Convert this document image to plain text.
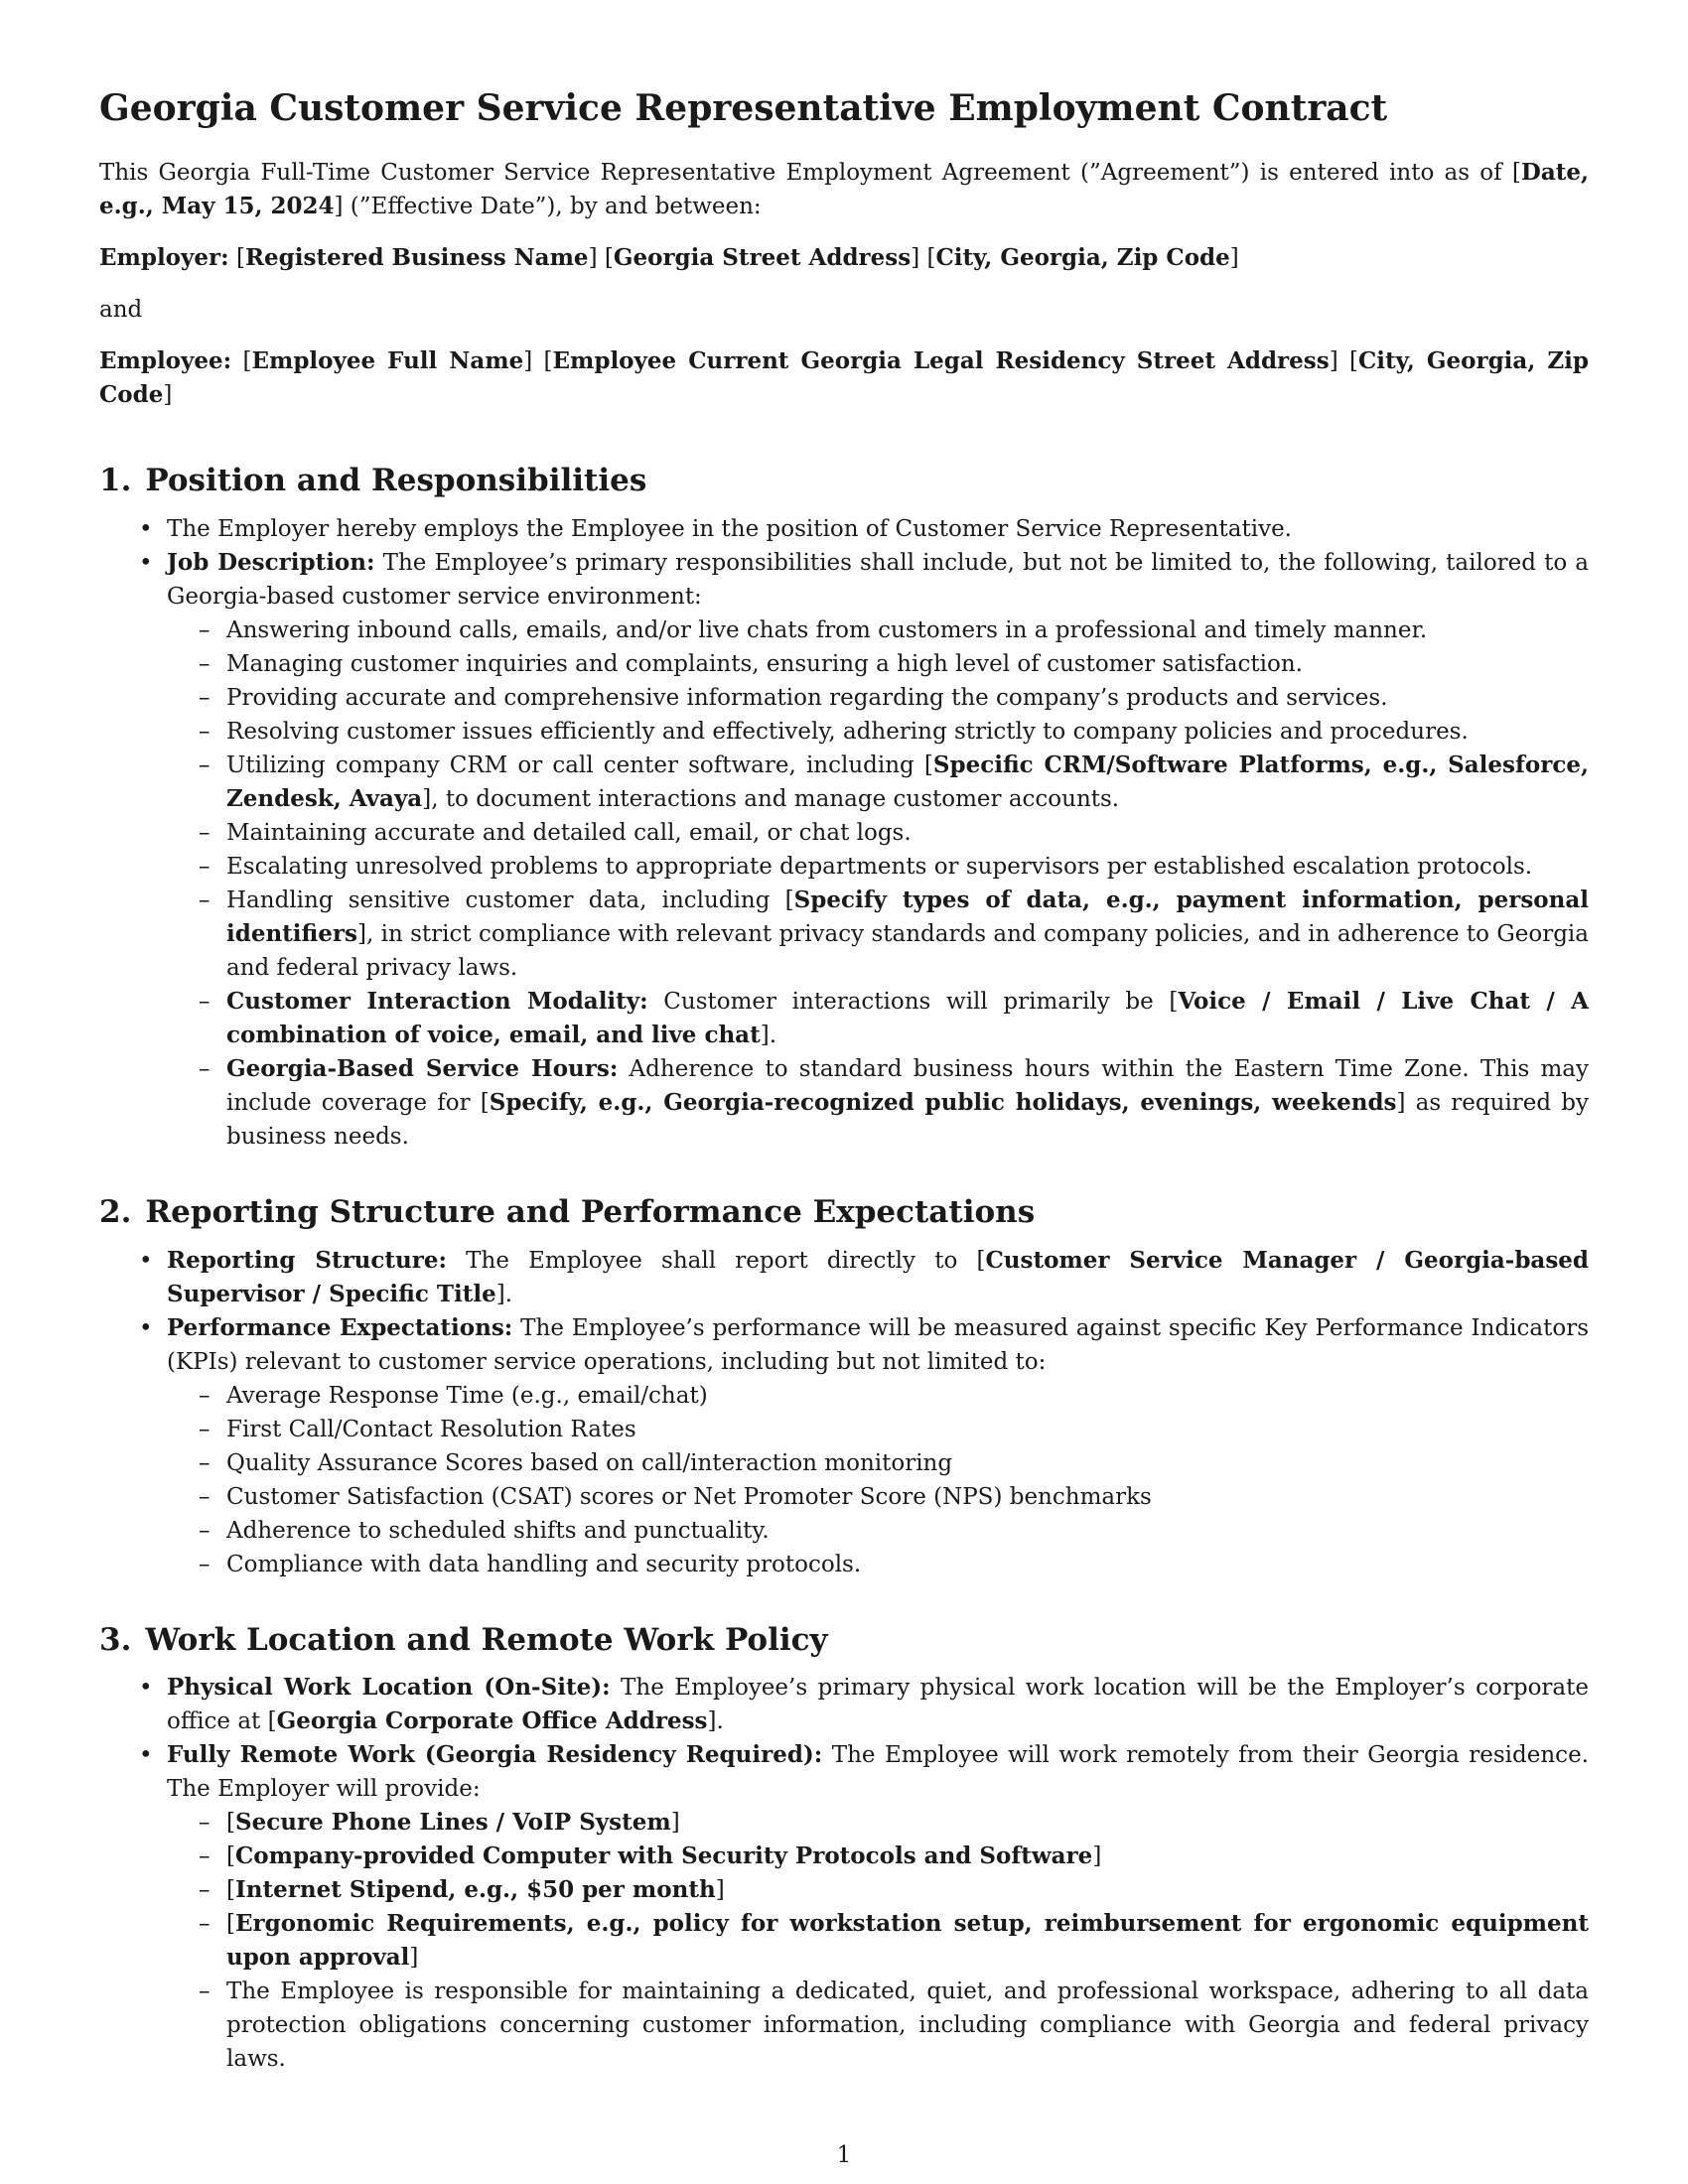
Georgia Customer Service Representative Employment Contract

This Georgia Full-Time Customer Service Representative Employment Agreement (”Agreement”) is entered into as of [Date, e.g., May 15, 2024] (”Effective Date”), by and between:

Employer: [Registered Business Name] [Georgia Street Address] [City, Georgia, Zip Code]

and

Employee: [Employee Full Name] [Employee Current Georgia Legal Residency Street Address] [City, Georgia, Zip Code]

1. Position and Responsibilities
• The Employer hereby employs the Employee in the position of Customer Service Representative.
• Job Description: The Employee’s primary responsibilities shall include, but not be limited to, the following, tailored to a Georgia-based customer service environment:
– Answering inbound calls, emails, and/or live chats from customers in a professional and timely manner.
– Managing customer inquiries and complaints, ensuring a high level of customer satisfaction.
– Providing accurate and comprehensive information regarding the company’s products and services.
– Resolving customer issues efficiently and effectively, adhering strictly to company policies and procedures.
– Utilizing company CRM or call center software, including [Specific CRM/Software Platforms, e.g., Salesforce, Zendesk, Avaya], to document interactions and manage customer accounts.
– Maintaining accurate and detailed call, email, or chat logs.
– Escalating unresolved problems to appropriate departments or supervisors per established escalation protocols.
– Handling sensitive customer data, including [Specify types of data, e.g., payment information, personal identifiers], in strict compliance with relevant privacy standards and company policies, and in adherence to Georgia and federal privacy laws.
– Customer Interaction Modality: Customer interactions will primarily be [Voice / Email / Live Chat / A combination of voice, email, and live chat].
– Georgia-Based Service Hours: Adherence to standard business hours within the Eastern Time Zone. This may include coverage for [Specify, e.g., Georgia-recognized public holidays, evenings, weekends] as required by business needs.
2. Reporting Structure and Performance Expectations
• Reporting Structure: The Employee shall report directly to [Customer Service Manager / Georgia-based Supervisor / Specific Title].
• Performance Expectations: The Employee’s performance will be measured against specific Key Performance Indicators (KPIs) relevant to customer service operations, including but not limited to:
– Average Response Time (e.g., email/chat)
– First Call/Contact Resolution Rates
– Quality Assurance Scores based on call/interaction monitoring
– Customer Satisfaction (CSAT) scores or Net Promoter Score (NPS) benchmarks
– Adherence to scheduled shifts and punctuality.
– Compliance with data handling and security protocols.
3. Work Location and Remote Work Policy
• Physical Work Location (On-Site): The Employee’s primary physical work location will be the Employer’s corporate office at [Georgia Corporate Office Address].
• Fully Remote Work (Georgia Residency Required): The Employee will work remotely from their Georgia residence. The Employer will provide:
– [Secure Phone Lines / VoIP System]
– [Company-provided Computer with Security Protocols and Software]
– [Internet Stipend, e.g., $50 per month]
– [Ergonomic Requirements, e.g., policy for workstation setup, reimbursement for ergonomic equipment upon approval]
– The Employee is responsible for maintaining a dedicated, quiet, and professional workspace, adhering to all data protection obligations concerning customer information, including compliance with Georgia and federal privacy laws.
1
